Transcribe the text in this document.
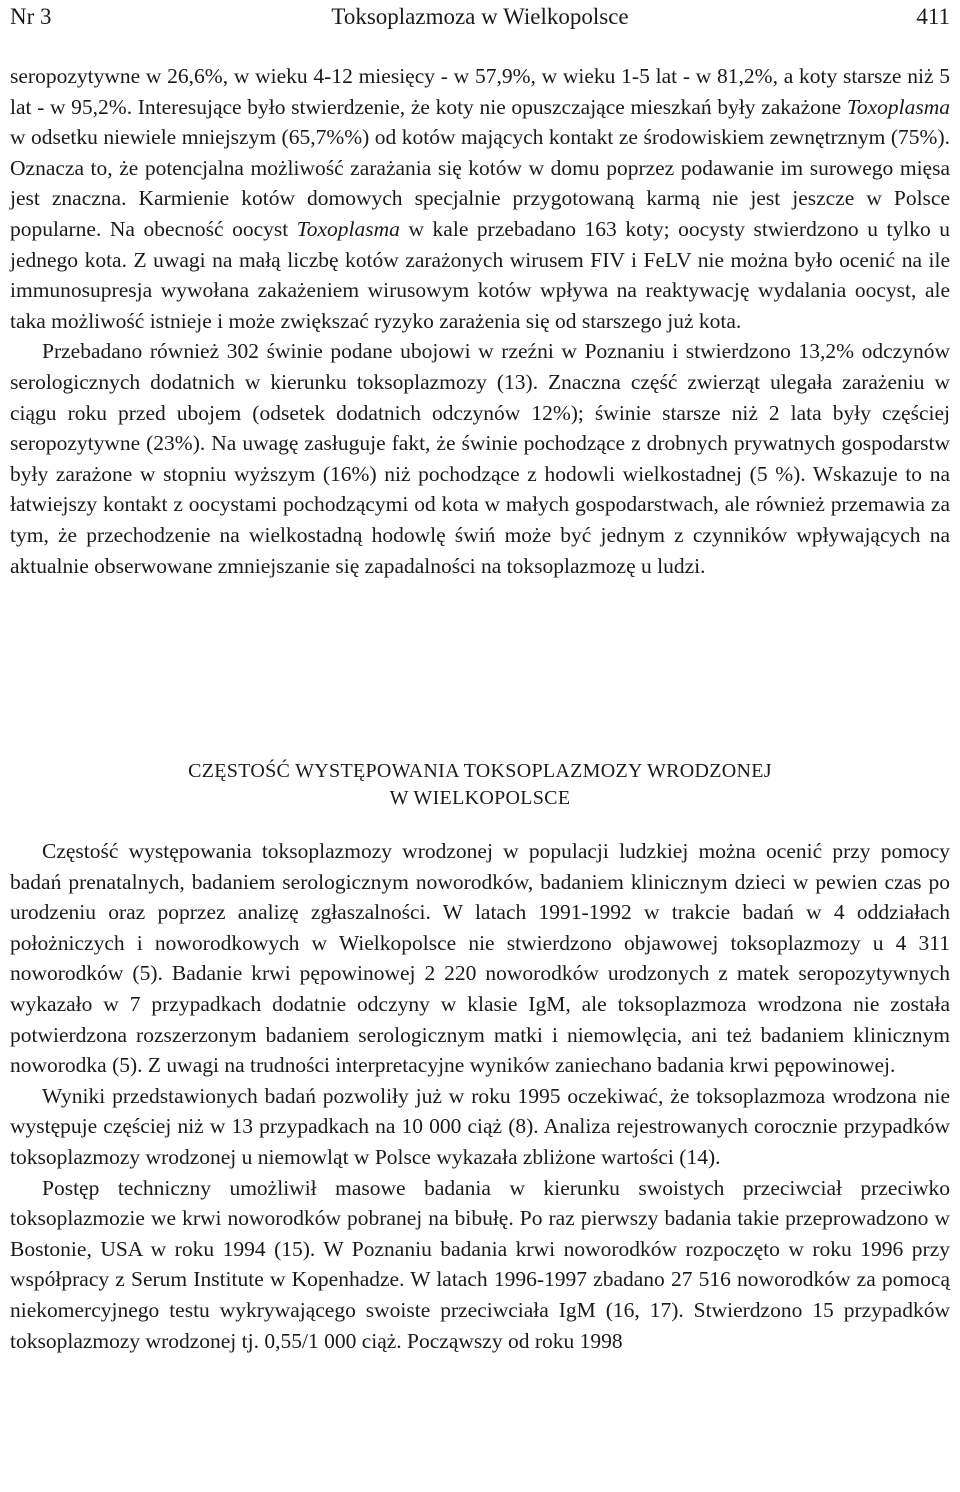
Nr 3	Toksoplazmoza w Wielkopolsce	411

seropozytywne w 26,6%, w wieku 4-12 miesięcy - w 57,9%, w wieku 1-5 lat - w 81,2%, a koty starsze niż 5 lat - w 95,2%. Interesujące było stwierdzenie, że koty nie opuszczające mieszkań były zakażone Toxoplasma w odsetku niewiele mniejszym (65,7%%) od kotów mających kontakt ze środowiskiem zewnętrznym (75%). Oznacza to, że potencjalna możliwość zarażania się kotów w domu poprzez podawanie im surowego mięsa jest znaczna. Karmienie kotów domowych specjalnie przygotowaną karmą nie jest jeszcze w Polsce popularne. Na obecność oocyst Toxoplasma w kale przebadano 163 koty; oocysty stwierdzono u tylko u jednego kota. Z uwagi na małą liczbę kotów zarażonych wirusem FIV i FeLV nie można było ocenić na ile immunosupresja wywołana zakażeniem wirusowym kotów wpływa na reaktywację wydalania oocyst, ale taka możliwość istnieje i może zwiększać ryzyko zarażenia się od starszego już kota.

Przebadano również 302 świnie podane ubojowi w rzeźni w Poznaniu i stwierdzono 13,2% odczynów serologicznych dodatnich w kierunku toksoplazmozy (13). Znaczna część zwierząt ulegała zarażeniu w ciągu roku przed ubojem (odsetek dodatnich odczynów 12%); świnie starsze niż 2 lata były częściej seropozytywne (23%). Na uwagę zasługuje fakt, że świnie pochodzące z drobnych prywatnych gospodarstw były zarażone w stopniu wyższym (16%) niż pochodzące z hodowli wielkostadnej (5 %). Wskazuje to na łatwiejszy kontakt z oocystami pochodzącymi od kota w małych gospodarstwach, ale również przemawia za tym, że przechodzenie na wielkostadną hodowlę świń może być jednym z czynników wpływających na aktualnie obserwowane zmniejszanie się zapadalności na toksoplazmozę u ludzi.

CZĘSTOŚĆ WYSTĘPOWANIA TOKSOPLAZMOZY WRODZONEJ
W WIELKOPOLSCE

Częstość występowania toksoplazmozy wrodzonej w populacji ludzkiej można ocenić przy pomocy badań prenatalnych, badaniem serologicznym noworodków, badaniem klinicznym dzieci w pewien czas po urodzeniu oraz poprzez analizę zgłaszalności. W latach 1991-1992 w trakcie badań w 4 oddziałach położniczych i noworodkowych w Wielkopolsce nie stwierdzono objawowej toksoplazmozy u 4 311 noworodków (5). Badanie krwi pępowinowej 2 220 noworodków urodzonych z matek seropozytywnych wykazało w 7 przypadkach dodatnie odczyny w klasie IgM, ale toksoplazmoza wrodzona nie została potwierdzona rozszerzonym badaniem serologicznym matki i niemowlęcia, ani też badaniem klinicznym noworodka (5). Z uwagi na trudności interpretacyjne wyników zaniechano badania krwi pępowinowej.

Wyniki przedstawionych badań pozwoliły już w roku 1995 oczekiwać, że toksoplazmoza wrodzona nie występuje częściej niż w 13 przypadkach na 10 000 ciąż (8). Analiza rejestrowanych corocznie przypadków toksoplazmozy wrodzonej u niemowląt w Polsce wykazała zbliżone wartości (14).

Postęp techniczny umożliwił masowe badania w kierunku swoistych przeciwciał przeciwko toksoplazmozie we krwi noworodków pobranej na bibułę. Po raz pierwszy badania takie przeprowadzono w Bostonie, USA w roku 1994 (15). W Poznaniu badania krwi noworodków rozpoczęto w roku 1996 przy współpracy z Serum Institute w Kopenhadze. W latach 1996-1997 zbadano 27 516 noworodków za pomocą niekomercyjnego testu wykrywającego swoiste przeciwciała IgM (16, 17). Stwierdzono 15 przypadków toksoplazmozy wrodzonej tj. 0,55/1 000 ciąż. Począwszy od roku 1998
